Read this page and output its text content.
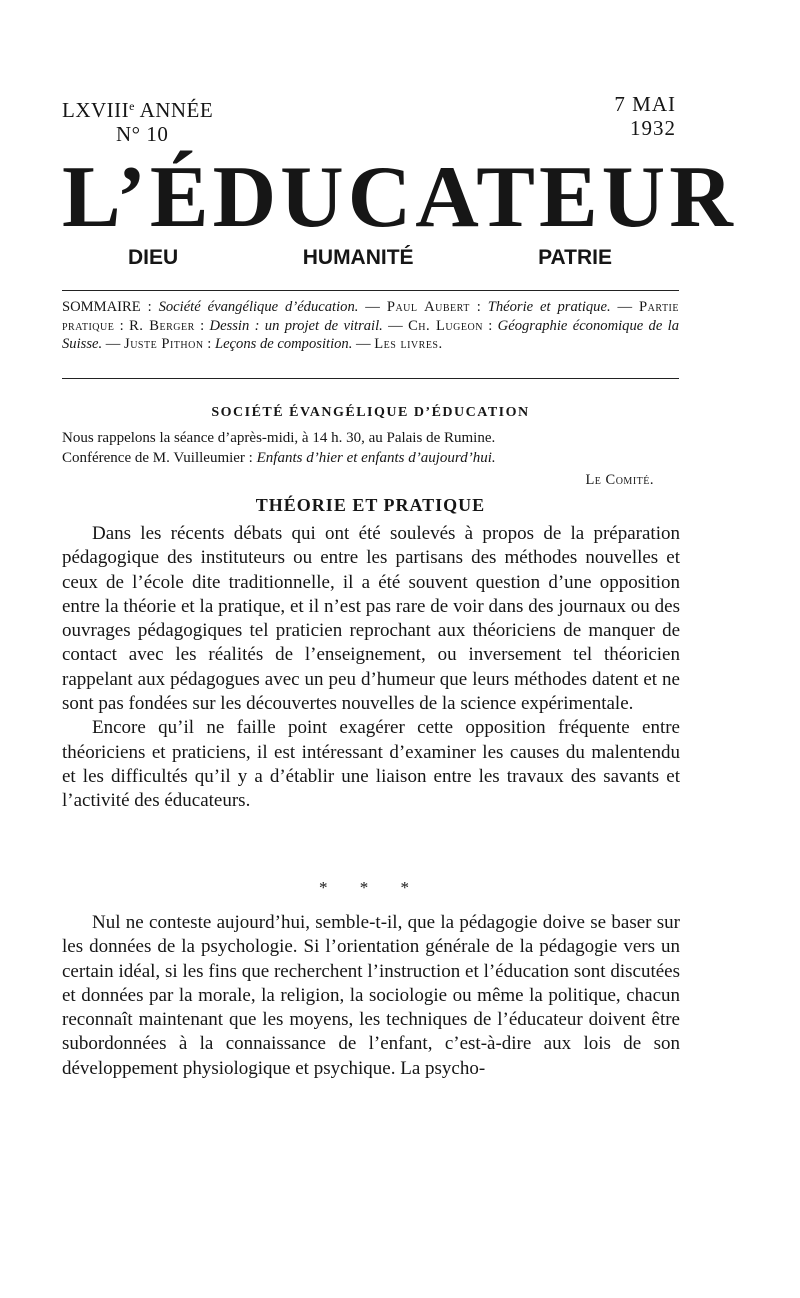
LXVIIIe ANNÉE
N° 10
7 MAI
1932
L’ÉDUCATEUR
DIEU	HUMANITÉ	PATRIE
SOMMAIRE : Société évangélique d’éducation. — Paul Aubert : Théorie et pratique. — Partie pratique : R. Berger : Dessin : un projet de vitrail. — Ch. Lugeon : Géographie économique de la Suisse. — Juste Pithon : Leçons de composition. — Les livres.
SOCIÉTÉ ÉVANGÉLIQUE D’ÉDUCATION
Nous rappelons la séance d’après-midi, à 14 h. 30, au Palais de Rumine.
Conférence de M. Vuilleumier : Enfants d’hier et enfants d’aujourd’hui.
Le Comité.
THÉORIE ET PRATIQUE

Dans les récents débats qui ont été soulevés à propos de la préparation pédagogique des instituteurs ou entre les partisans des méthodes nouvelles et ceux de l’école dite traditionnelle, il a été souvent question d’une opposition entre la théorie et la pratique, et il n’est pas rare de voir dans des journaux ou des ouvrages pédagogiques tel praticien reprochant aux théoriciens de manquer de contact avec les réalités de l’enseignement, ou inversement tel théoricien rappelant aux pédagogues avec un peu d’humeur que leurs méthodes datent et ne sont pas fondées sur les découvertes nouvelles de la science expérimentale.

Encore qu’il ne faille point exagérer cette opposition fréquente entre théoriciens et praticiens, il est intéressant d’examiner les causes du malentendu et les difficultés qu’il y a d’établir une liaison entre les travaux des savants et l’activité des éducateurs.

* * *

Nul ne conteste aujourd’hui, semble-t-il, que la pédagogie doive se baser sur les données de la psychologie. Si l’orientation générale de la pédagogie vers un certain idéal, si les fins que recherchent l’instruction et l’éducation sont discutées et données par la morale, la religion, la sociologie ou même la politique, chacun reconnaît maintenant que les moyens, les techniques de l’éducateur doivent être subordonnées à la connaissance de l’enfant, c’est-à-dire aux lois de son développement physiologique et psychique. La psycho-
